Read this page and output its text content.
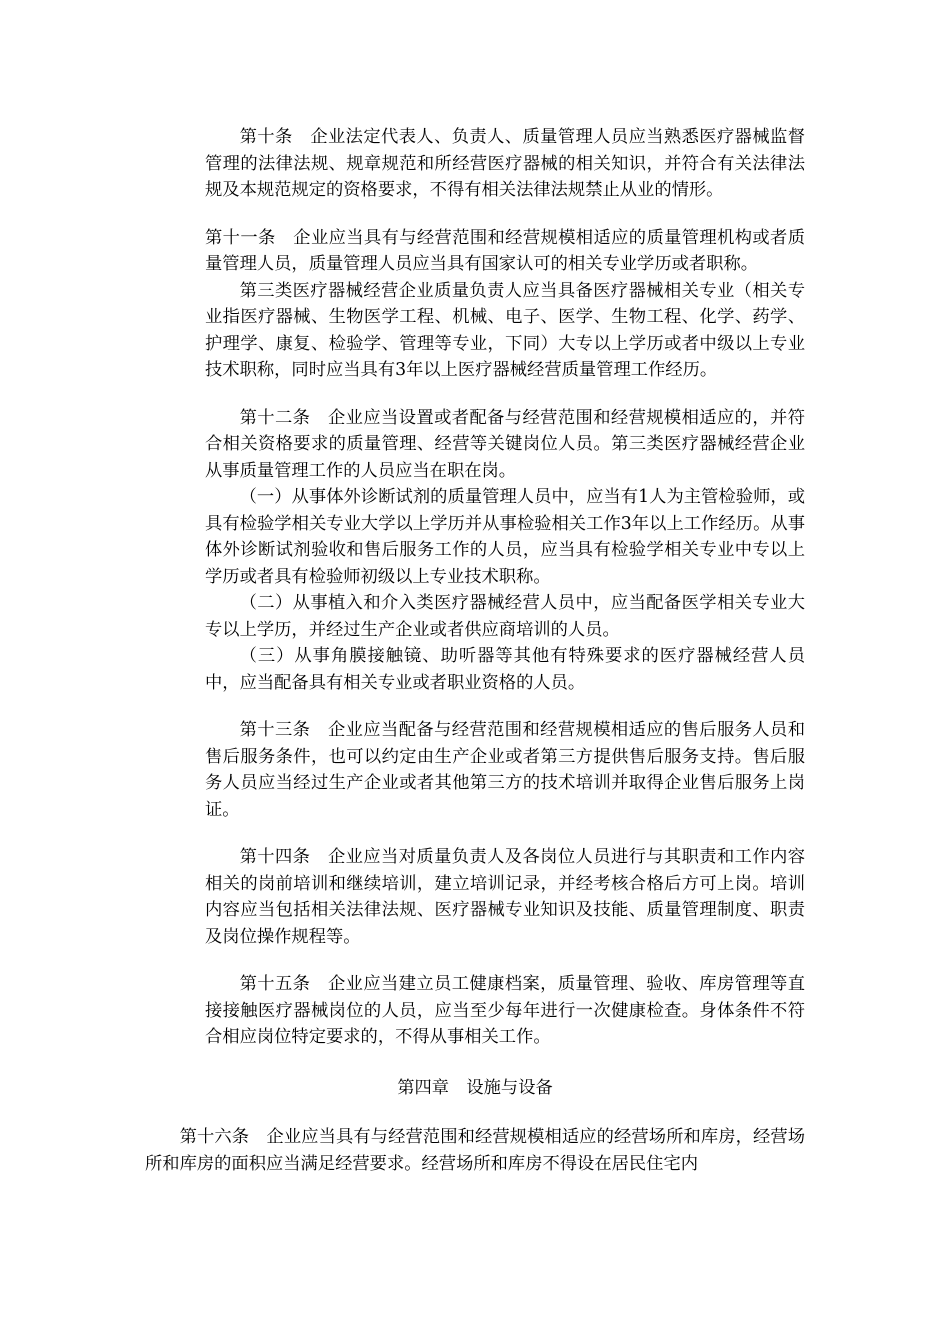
第十条　企业法定代表人、负责人、质量管理人员应当熟悉医疗器械监督管理的法律法规、规章规范和所经营医疗器械的相关知识，并符合有关法律法规及本规范规定的资格要求，不得有相关法律法规禁止从业的情形。

第十一条　企业应当具有与经营范围和经营规模相适应的质量管理机构或者质量管理人员，质量管理人员应当具有国家认可的相关专业学历或者职称。

第三类医疗器械经营企业质量负责人应当具备医疗器械相关专业（相关专业指医疗器械、生物医学工程、机械、电子、医学、生物工程、化学、药学、护理学、康复、检验学、管理等专业，下同）大专以上学历或者中级以上专业技术职称，同时应当具有3年以上医疗器械经营质量管理工作经历。

第十二条　企业应当设置或者配备与经营范围和经营规模相适应的，并符合相关资格要求的质量管理、经营等关键岗位人员。第三类医疗器械经营企业从事质量管理工作的人员应当在职在岗。

（一）从事体外诊断试剂的质量管理人员中，应当有1人为主管检验师，或具有检验学相关专业大学以上学历并从事检验相关工作3年以上工作经历。从事体外诊断试剂验收和售后服务工作的人员，应当具有检验学相关专业中专以上学历或者具有检验师初级以上专业技术职称。

（二）从事植入和介入类医疗器械经营人员中，应当配备医学相关专业大专以上学历，并经过生产企业或者供应商培训的人员。

（三）从事角膜接触镜、助听器等其他有特殊要求的医疗器械经营人员中，应当配备具有相关专业或者职业资格的人员。

第十三条　企业应当配备与经营范围和经营规模相适应的售后服务人员和售后服务条件，也可以约定由生产企业或者第三方提供售后服务支持。售后服务人员应当经过生产企业或者其他第三方的技术培训并取得企业售后服务上岗证。

第十四条　企业应当对质量负责人及各岗位人员进行与其职责和工作内容相关的岗前培训和继续培训，建立培训记录，并经考核合格后方可上岗。培训内容应当包括相关法律法规、医疗器械专业知识及技能、质量管理制度、职责及岗位操作规程等。

第十五条　企业应当建立员工健康档案，质量管理、验收、库房管理等直接接触医疗器械岗位的人员，应当至少每年进行一次健康检查。身体条件不符合相应岗位特定要求的，不得从事相关工作。

第四章　设施与设备

第十六条　企业应当具有与经营范围和经营规模相适应的经营场所和库房，经营场所和库房的面积应当满足经营要求。经营场所和库房不得设在居民住宅内
